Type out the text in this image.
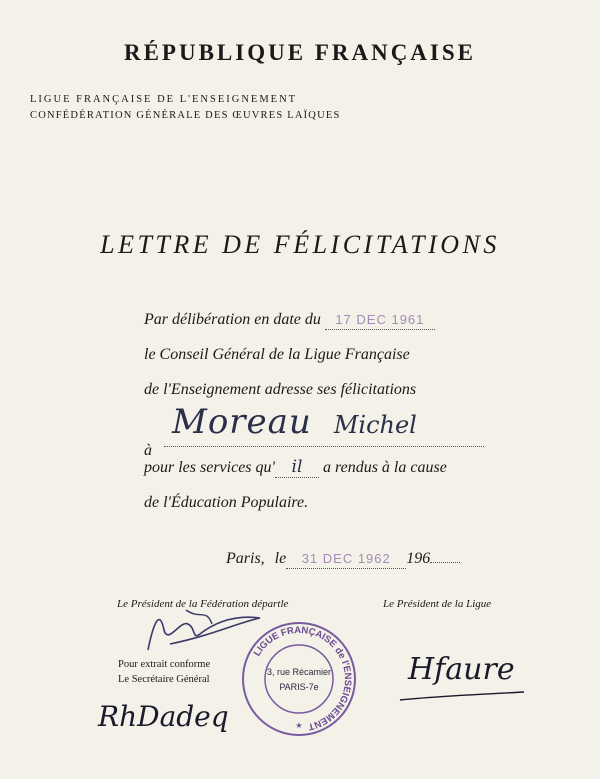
RÉPUBLIQUE FRANÇAISE
LIGUE FRANÇAISE DE L'ENSEIGNEMENT
CONFÉDÉRATION GÉNÉRALE DES ŒUVRES LAÏQUES
LETTRE DE FÉLICITATIONS
Par délibération en date du 17 DEC 1961
le Conseil Général de la Ligue Française
de l'Enseignement adresse ses félicitations
à Moreau Michel
pour les services qu' il a rendus à la cause
de l'Éducation Populaire.
Paris, le 31 DEC 1962 196
Le Président de la Fédération départle	Le Président de la Ligue
Pour extrait conforme
Le Secrétaire Général
LIGUE FRANÇAISE de l'ENSEIGNEMENT
3, rue Récamier
PARIS-7e
★
Hfaure
RhDadeq
